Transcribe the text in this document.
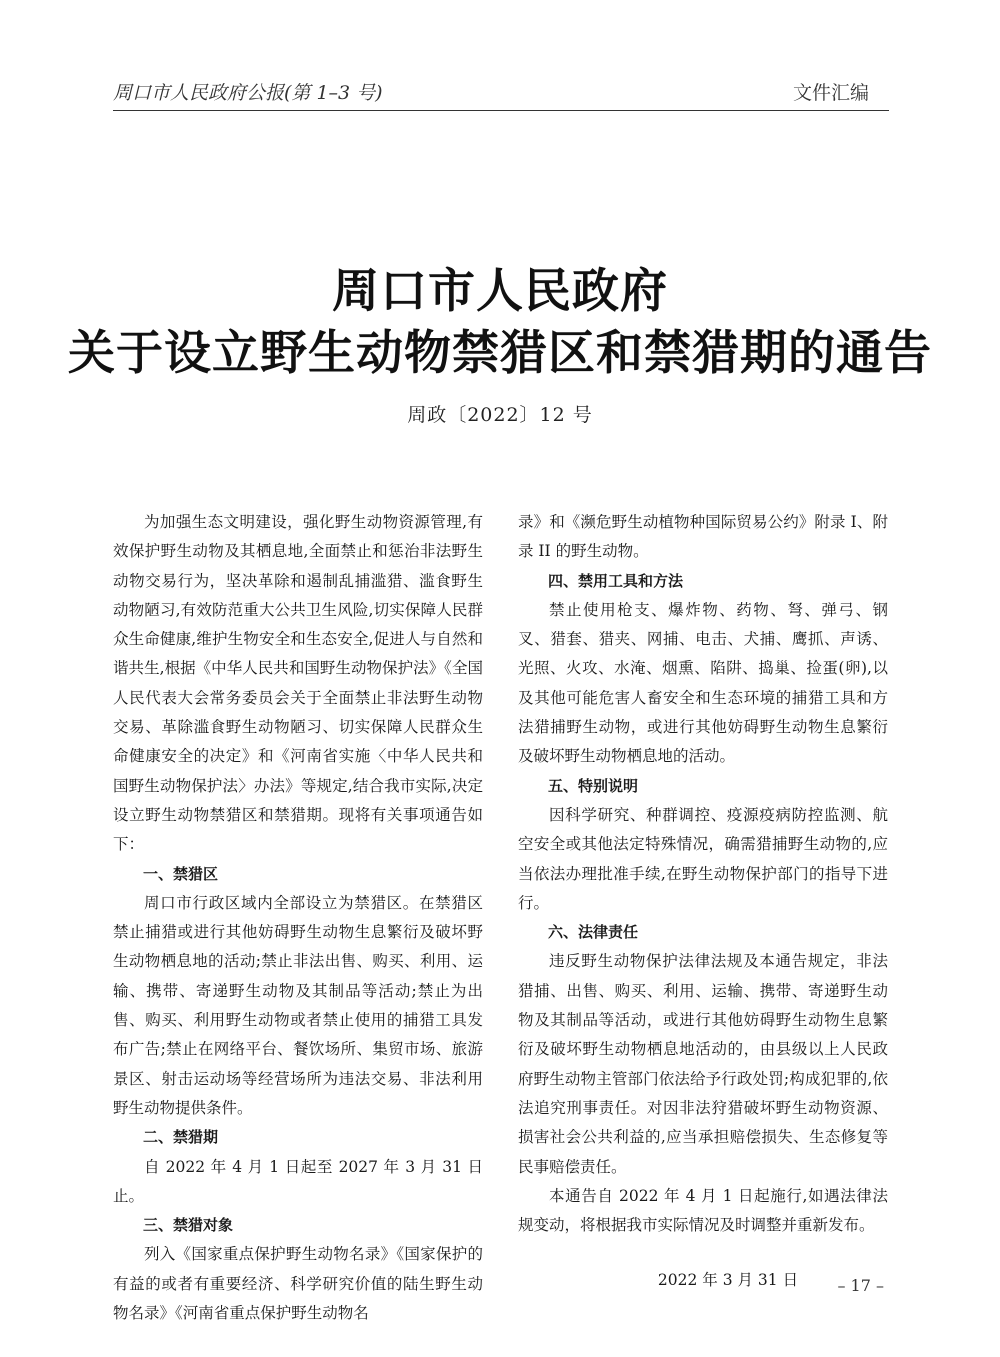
周口市人民政府公报(第 1–3 号)	文件汇编
周口市人民政府
关于设立野生动物禁猎区和禁猎期的通告
周政〔2022〕12 号

为加强生态文明建设，强化野生动物资源管理,有效保护野生动物及其栖息地,全面禁止和惩治非法野生动物交易行为，坚决革除和遏制乱捕滥猎、滥食野生动物陋习,有效防范重大公共卫生风险,切实保障人民群众生命健康,维护生物安全和生态安全,促进人与自然和谐共生,根据《中华人民共和国野生动物保护法》《全国人民代表大会常务委员会关于全面禁止非法野生动物交易、革除滥食野生动物陋习、切实保障人民群众生命健康安全的决定》和《河南省实施〈中华人民共和国野生动物保护法〉办法》等规定,结合我市实际,决定设立野生动物禁猎区和禁猎期。现将有关事项通告如下：

一、禁猎区

周口市行政区域内全部设立为禁猎区。在禁猎区禁止捕猎或进行其他妨碍野生动物生息繁衍及破坏野生动物栖息地的活动;禁止非法出售、购买、利用、运输、携带、寄递野生动物及其制品等活动;禁止为出售、购买、利用野生动物或者禁止使用的捕猎工具发布广告;禁止在网络平台、餐饮场所、集贸市场、旅游景区、射击运动场等经营场所为违法交易、非法利用野生动物提供条件。

二、禁猎期

自 2022 年 4 月 1 日起至 2027 年 3 月 31 日止。

三、禁猎对象

列入《国家重点保护野生动物名录》《国家保护的有益的或者有重要经济、科学研究价值的陆生野生动物名录》《河南省重点保护野生动物名

录》和《濒危野生动植物种国际贸易公约》附录 I、附录 II 的野生动物。

四、禁用工具和方法

禁止使用枪支、爆炸物、药物、弩、弹弓、钢叉、猎套、猎夹、网捕、电击、犬捕、鹰抓、声诱、光照、火攻、水淹、烟熏、陷阱、捣巢、捡蛋(卵),以及其他可能危害人畜安全和生态环境的捕猎工具和方法猎捕野生动物，或进行其他妨碍野生动物生息繁衍及破坏野生动物栖息地的活动。

五、特别说明

因科学研究、种群调控、疫源疫病防控监测、航空安全或其他法定特殊情况，确需猎捕野生动物的,应当依法办理批准手续,在野生动物保护部门的指导下进行。

六、法律责任

违反野生动物保护法律法规及本通告规定，非法猎捕、出售、购买、利用、运输、携带、寄递野生动物及其制品等活动，或进行其他妨碍野生动物生息繁衍及破坏野生动物栖息地活动的，由县级以上人民政府野生动物主管部门依法给予行政处罚;构成犯罪的,依法追究刑事责任。对因非法狩猎破坏野生动物资源、损害社会公共利益的,应当承担赔偿损失、生态修复等民事赔偿责任。

本通告自 2022 年 4 月 1 日起施行,如遇法律法规变动，将根据我市实际情况及时调整并重新发布。

2022 年 3 月 31 日	– 17 –
